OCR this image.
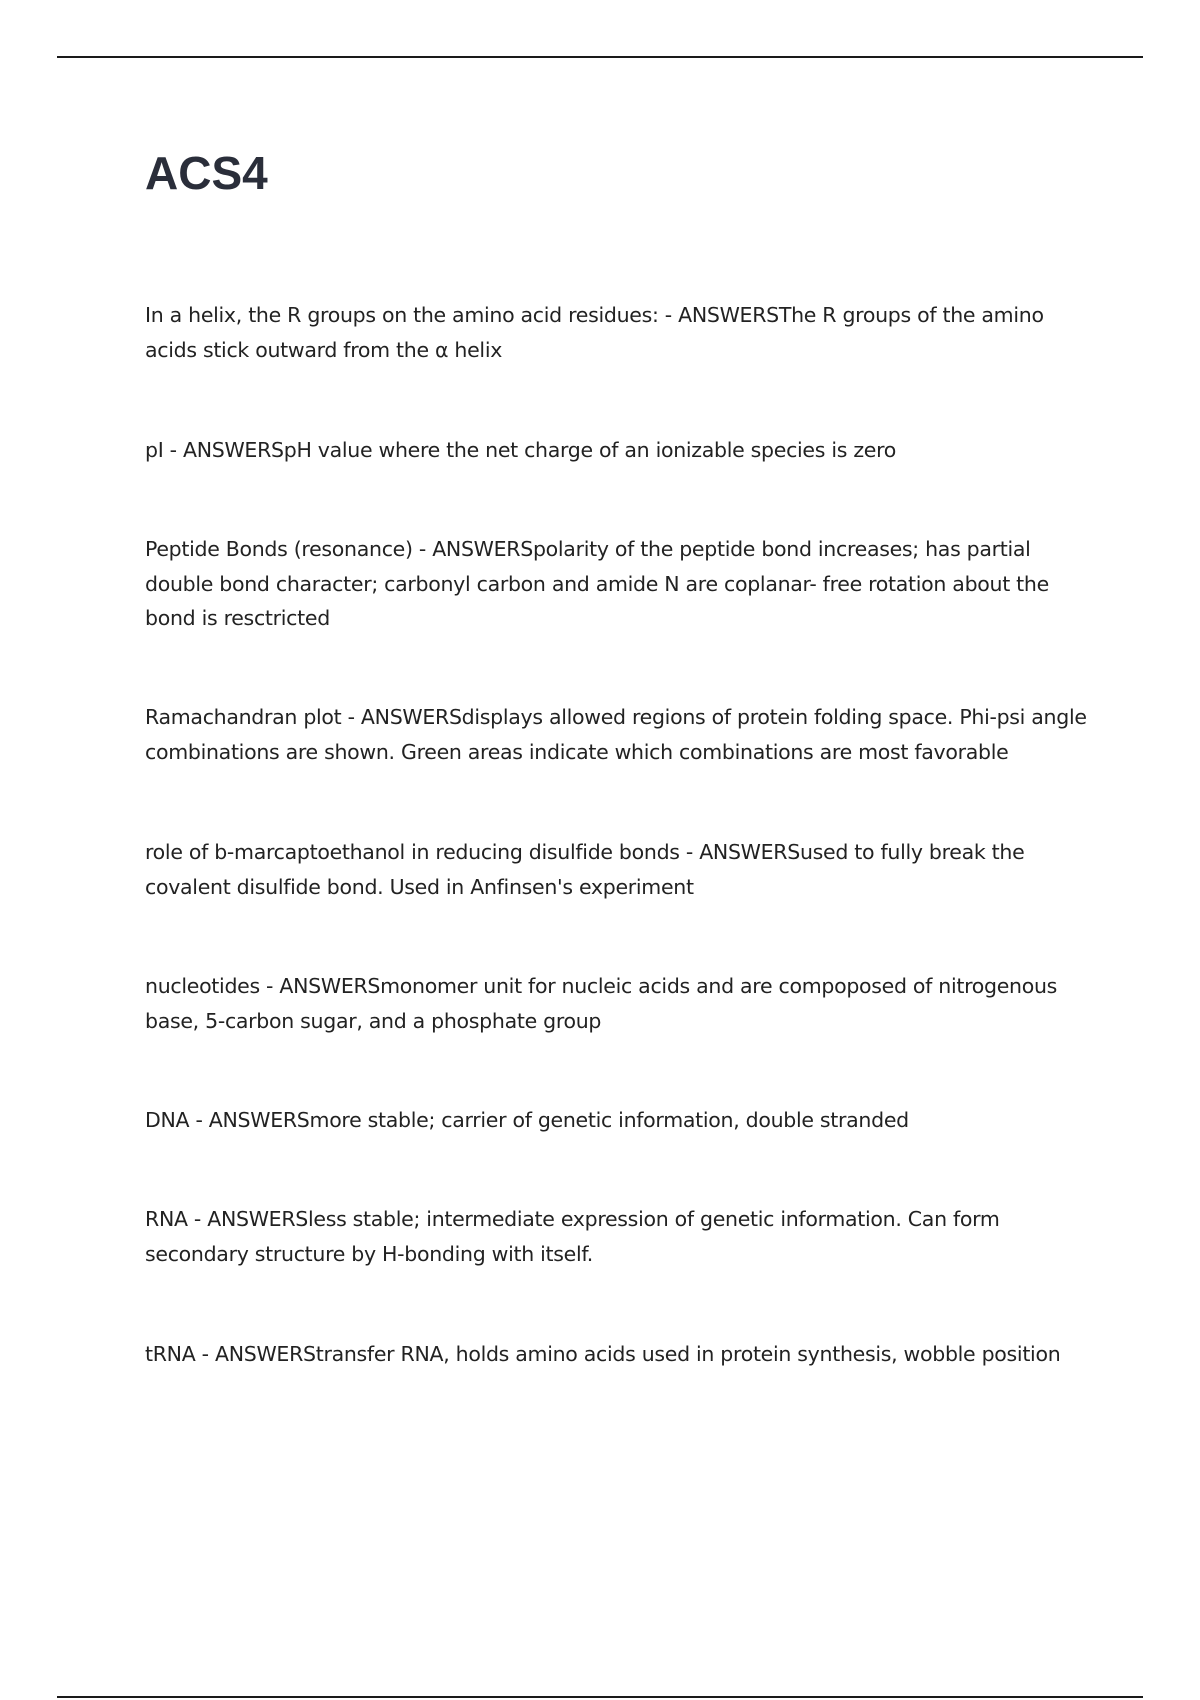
ACS4

In a helix, the R groups on the amino acid residues: - ANSWERSThe R groups of the amino acids stick outward from the α helix

pI - ANSWERSpH value where the net charge of an ionizable species is zero

Peptide Bonds (resonance) - ANSWERSpolarity of the peptide bond increases; has partial double bond character; carbonyl carbon and amide N are coplanar- free rotation about the bond is resctricted

Ramachandran plot - ANSWERSdisplays allowed regions of protein folding space. Phi-psi angle combinations are shown. Green areas indicate which combinations are most favorable

role of b-marcaptoethanol in reducing disulfide bonds - ANSWERSused to fully break the covalent disulfide bond. Used in Anfinsen's experiment

nucleotides - ANSWERSmonomer unit for nucleic acids and are compoposed of nitrogenous base, 5-carbon sugar, and a phosphate group

DNA - ANSWERSmore stable; carrier of genetic information, double stranded

RNA - ANSWERSless stable; intermediate expression of genetic information. Can form secondary structure by H-bonding with itself.

tRNA - ANSWERStransfer RNA, holds amino acids used in protein synthesis, wobble position
